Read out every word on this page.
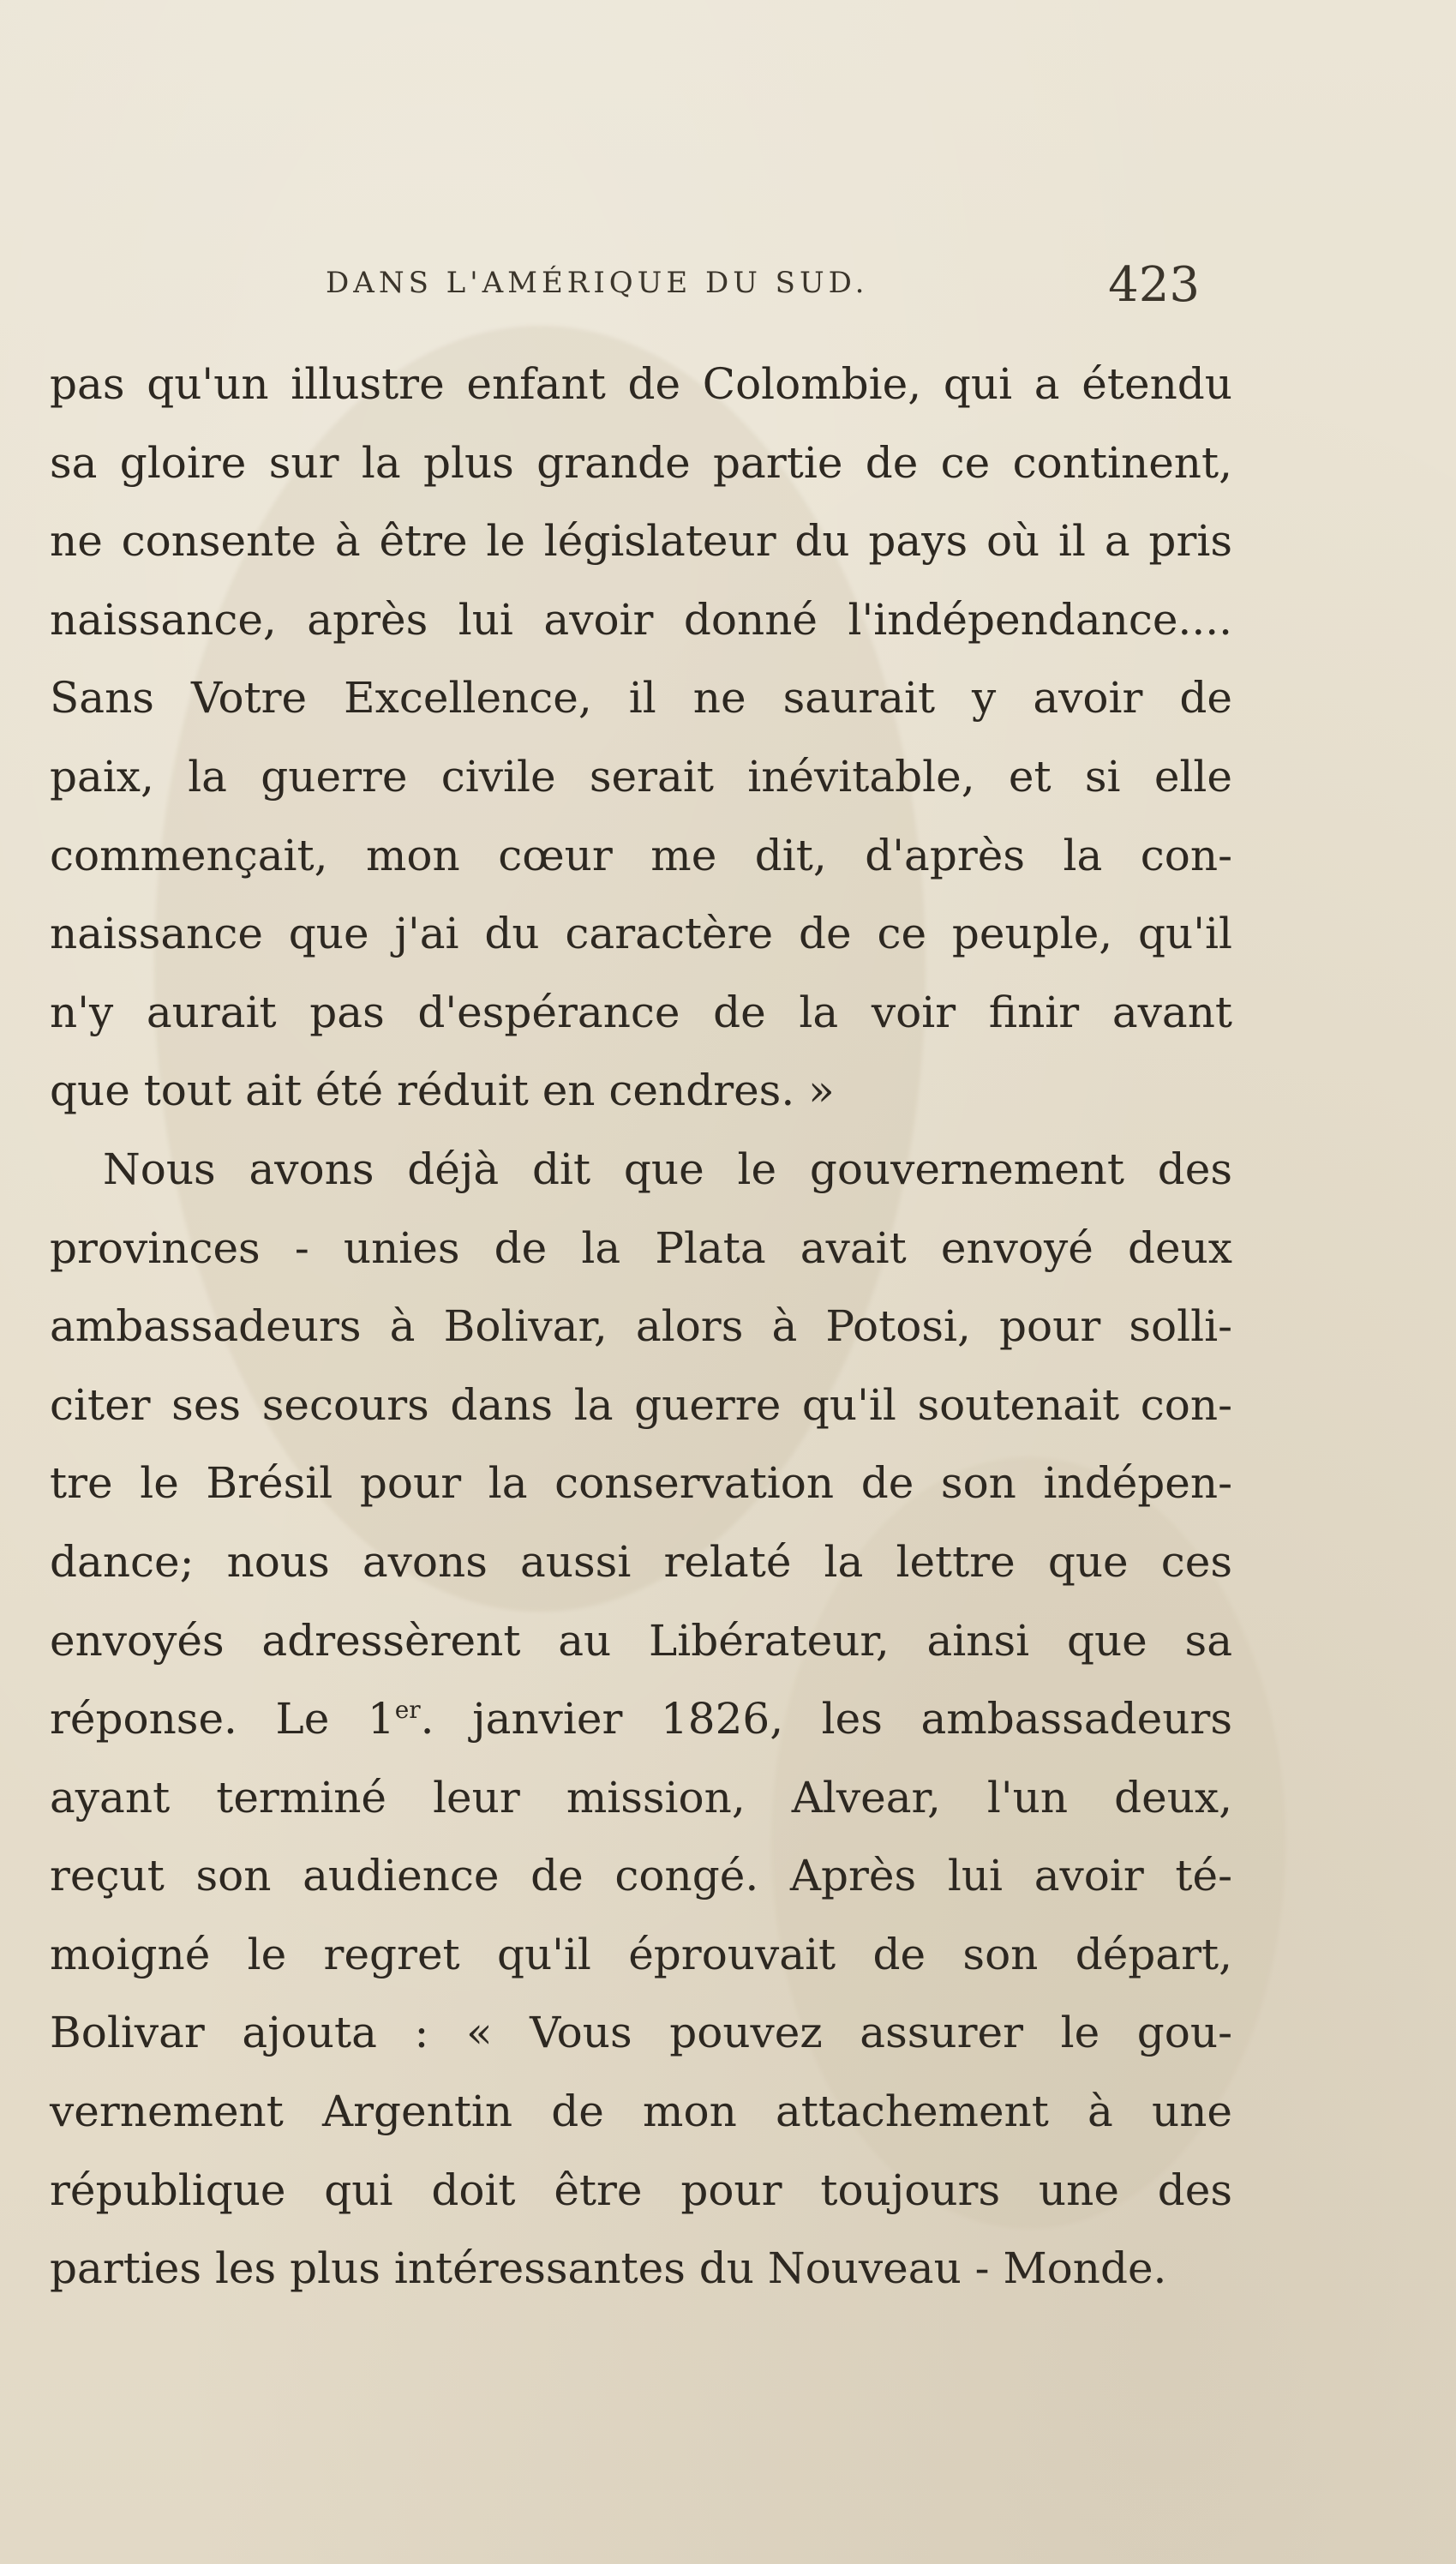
DANS L'AMÉRIQUE DU SUD.	423
pas qu'un illustre enfant de Colombie, qui a étendu
sa gloire sur la plus grande partie de ce continent,
ne consente à être le législateur du pays où il a pris
naissance, après lui avoir donné l'indépendance....
Sans Votre Excellence, il ne saurait y avoir de
paix, la guerre civile serait inévitable, et si elle
commençait, mon cœur me dit, d'après la con-
naissance que j'ai du caractère de ce peuple, qu'il
n'y aurait pas d'espérance de la voir finir avant
que tout ait été réduit en cendres. »
Nous avons déjà dit que le gouvernement des
provinces - unies de la Plata avait envoyé deux
ambassadeurs à Bolivar, alors à Potosi, pour solli-
citer ses secours dans la guerre qu'il soutenait con-
tre le Brésil pour la conservation de son indépen-
dance; nous avons aussi relaté la lettre que ces
envoyés adressèrent au Libérateur, ainsi que sa
réponse. Le 1er. janvier 1826, les ambassadeurs
ayant terminé leur mission, Alvear, l'un deux,
reçut son audience de congé. Après lui avoir té-
moigné le regret qu'il éprouvait de son départ,
Bolivar ajouta : « Vous pouvez assurer le gou-
vernement Argentin de mon attachement à une
république qui doit être pour toujours une des
parties les plus intéressantes du Nouveau - Monde.
